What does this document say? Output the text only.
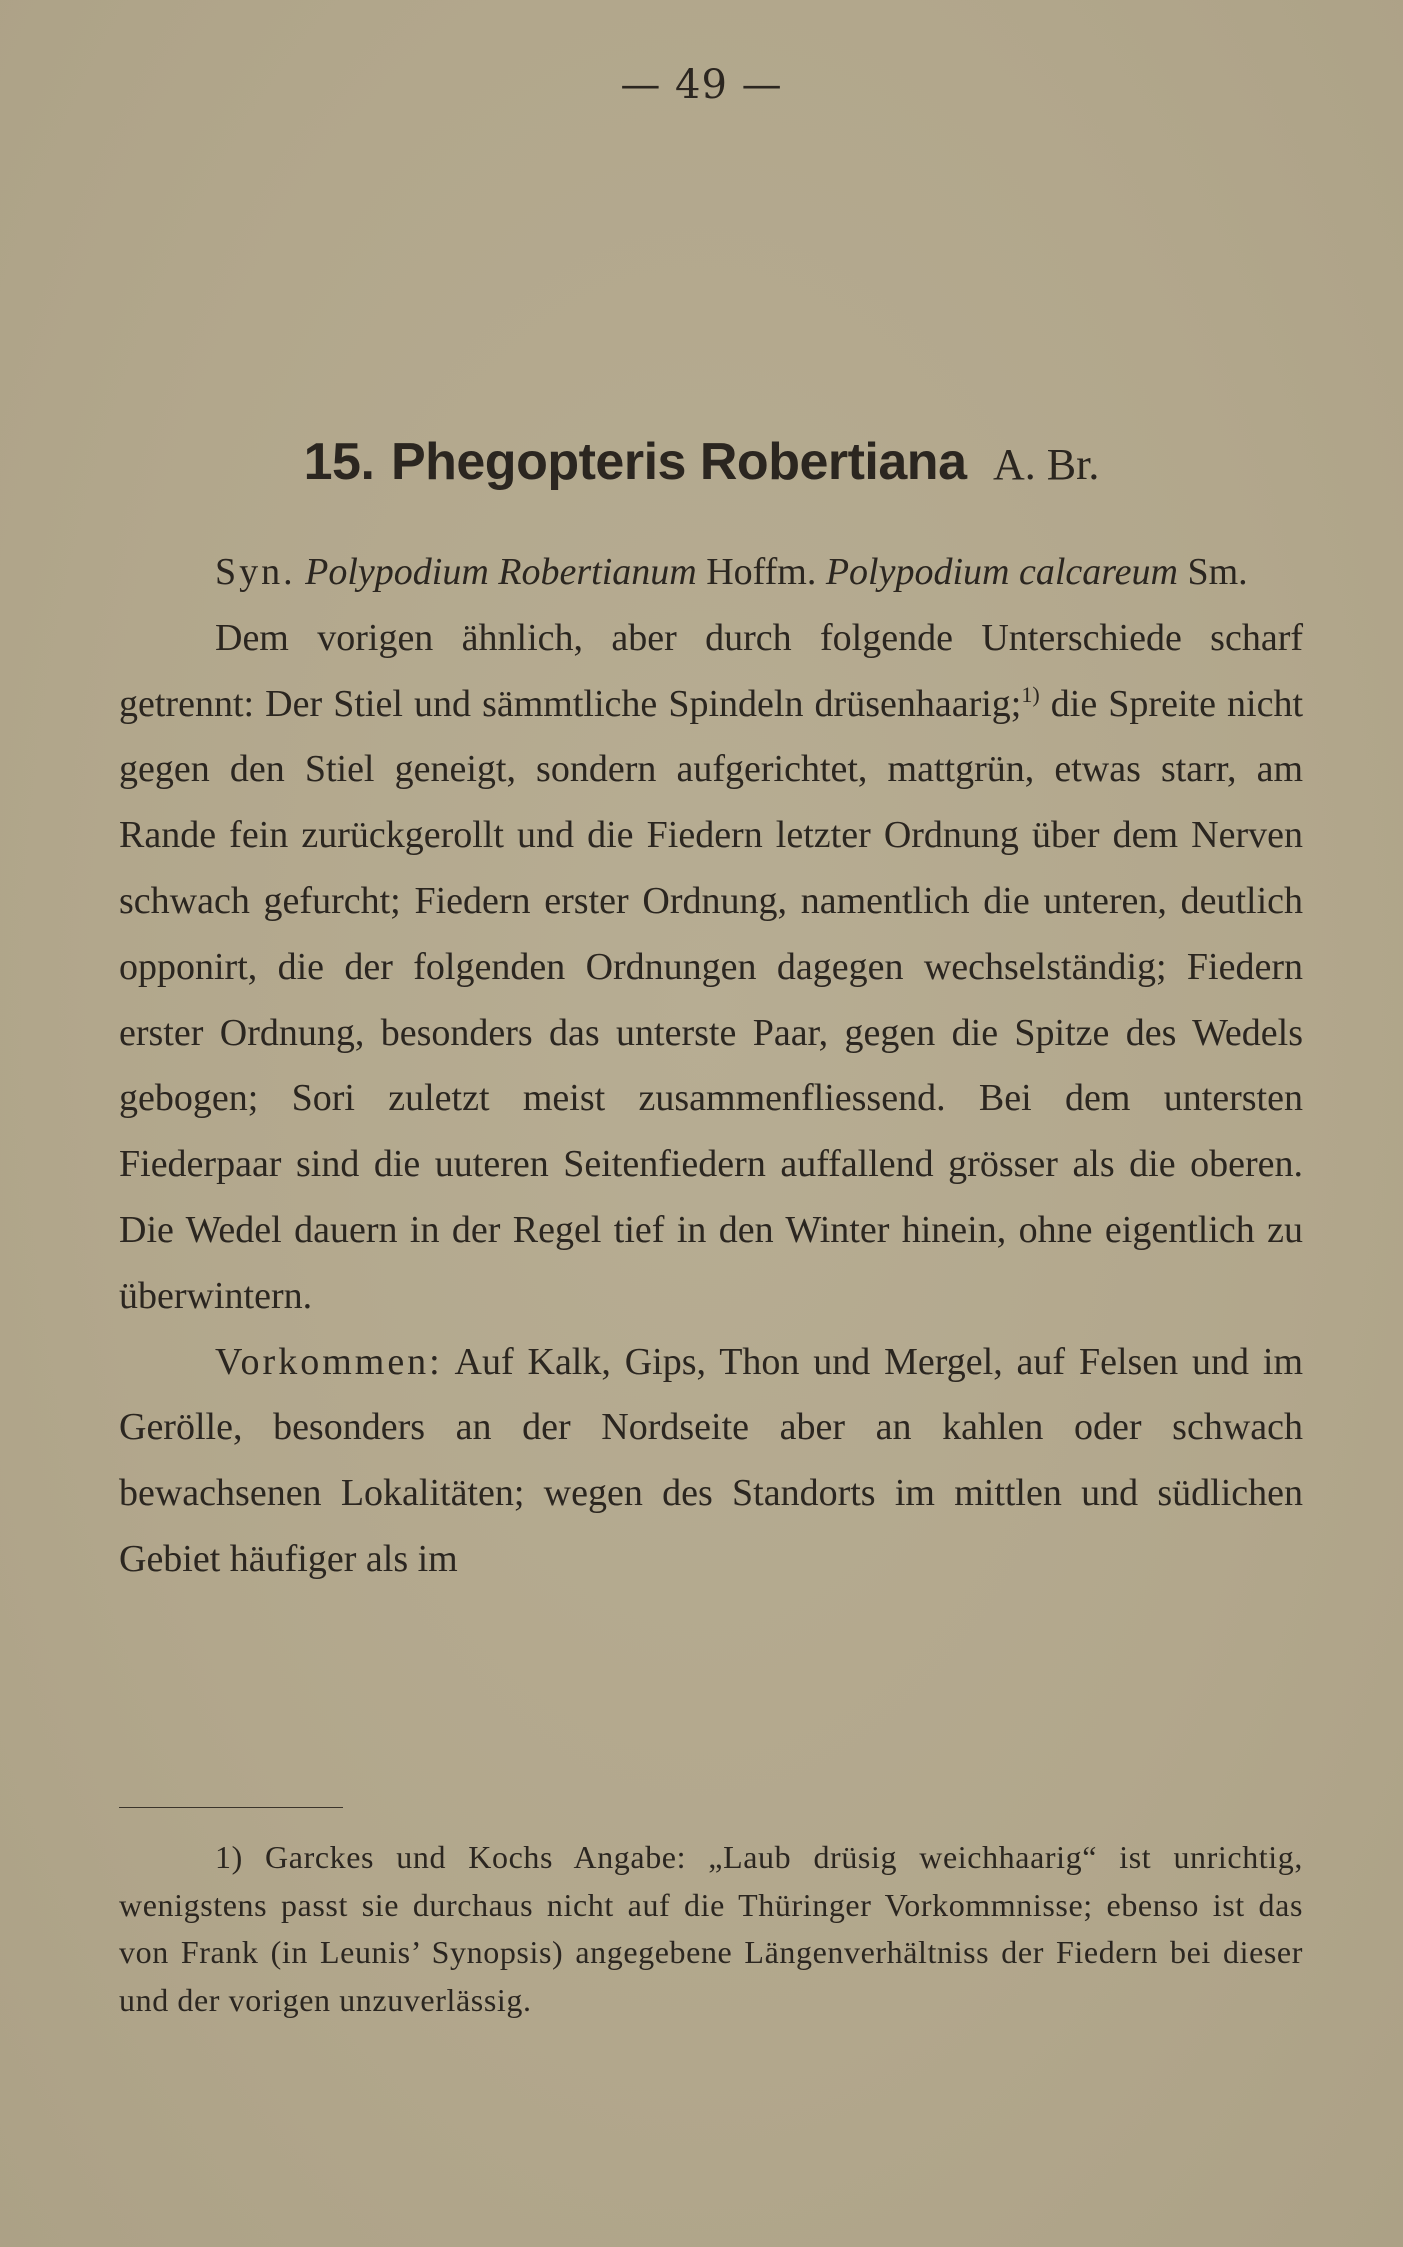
— 49 —
15. Phegopteris Robertiana A. Br.

Syn. Polypodium Robertianum Hoffm. Polypodium calcareum Sm.

Dem vorigen ähnlich, aber durch folgende Unterschiede scharf getrennt: Der Stiel und sämmtliche Spindeln drüsenhaarig;$^{1)}$ die Spreite nicht gegen den Stiel geneigt, sondern aufgerichtet, mattgrün, etwas starr, am Rande fein zurückgerollt und die Fiedern letzter Ordnung über dem Nerven schwach gefurcht; Fiedern erster Ordnung, namentlich die unteren, deutlich opponirt, die der folgenden Ordnungen dagegen wechselständig; Fiedern erster Ordnung, besonders das unterste Paar, gegen die Spitze des Wedels gebogen; Sori zuletzt meist zusammenfliessend. Bei dem untersten Fiederpaar sind die uuteren Seitenfiedern auffallend grösser als die oberen. Die Wedel dauern in der Regel tief in den Winter hinein, ohne eigentlich zu überwintern.

Vorkommen: Auf Kalk, Gips, Thon und Mergel, auf Felsen und im Gerölle, besonders an der Nordseite aber an kahlen oder schwach bewachsenen Lokalitäten; wegen des Standorts im mittlen und südlichen Gebiet häufiger als im

1) Garckes und Kochs Angabe: „Laub drüsig weichhaarig“ ist unrichtig, wenigstens passt sie durchaus nicht auf die Thüringer Vorkommnisse; ebenso ist das von Frank (in Leunis’ Synopsis) angegebene Längenverhältniss der Fiedern bei dieser und der vorigen unzuverlässig.
